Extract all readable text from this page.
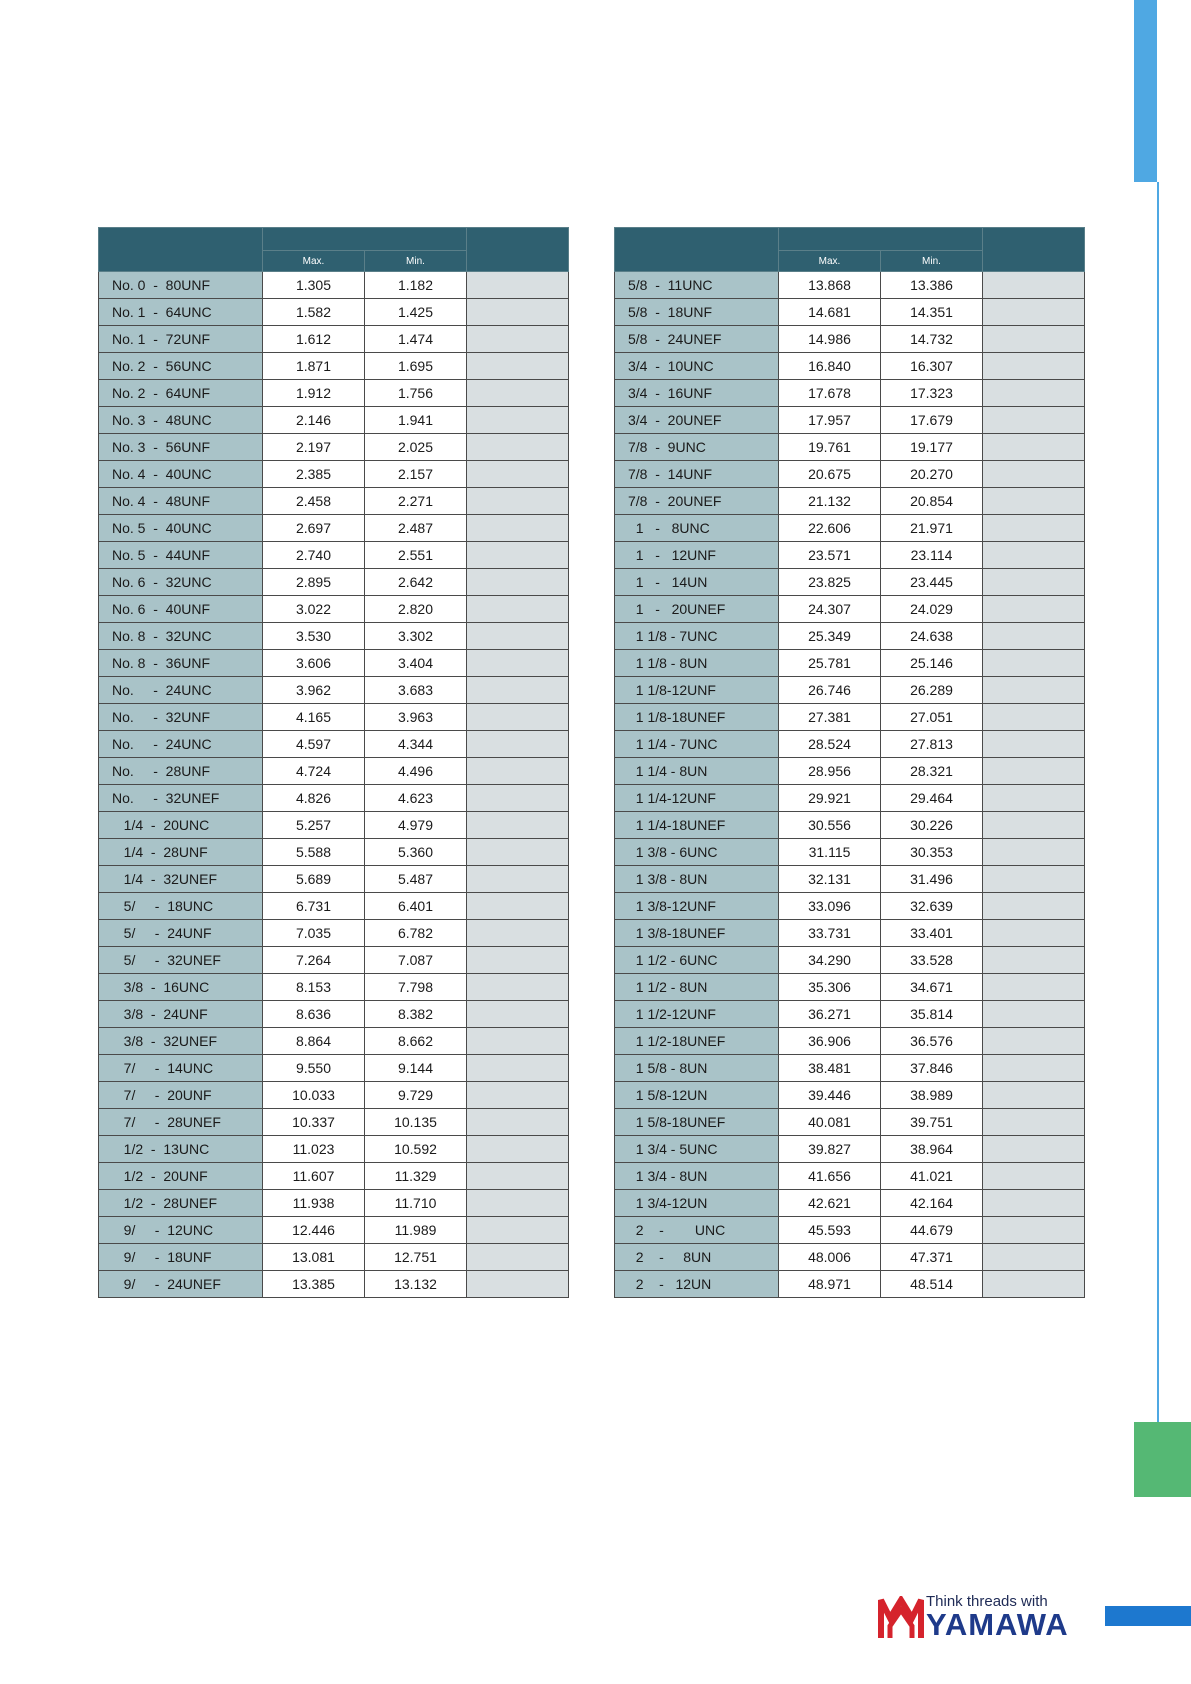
	Max.	Min.	
No. 0  -  80UNF	1.305	1.182	
No. 1  -  64UNC	1.582	1.425	
No. 1  -  72UNF	1.612	1.474	
No. 2  -  56UNC	1.871	1.695	
No. 2  -  64UNF	1.912	1.756	
No. 3  -  48UNC	2.146	1.941	
No. 3  -  56UNF	2.197	2.025	
No. 4  -  40UNC	2.385	2.157	
No. 4  -  48UNF	2.458	2.271	
No. 5  -  40UNC	2.697	2.487	
No. 5  -  44UNF	2.740	2.551	
No. 6  -  32UNC	2.895	2.642	
No. 6  -  40UNF	3.022	2.820	
No. 8  -  32UNC	3.530	3.302	
No. 8  -  36UNF	3.606	3.404	
No.     -  24UNC	3.962	3.683	
No.     -  32UNF	4.165	3.963	
No.     -  24UNC	4.597	4.344	
No.     -  28UNF	4.724	4.496	
No.     -  32UNEF	4.826	4.623	
1/4  -  20UNC	5.257	4.979	
1/4  -  28UNF	5.588	5.360	
1/4  -  32UNEF	5.689	5.487	
5/     -  18UNC	6.731	6.401	
5/     -  24UNF	7.035	6.782	
5/     -  32UNEF	7.264	7.087	
3/8  -  16UNC	8.153	7.798	
3/8  -  24UNF	8.636	8.382	
3/8  -  32UNEF	8.864	8.662	
7/     -  14UNC	9.550	9.144	
7/     -  20UNF	10.033	9.729	
7/     -  28UNEF	10.337	10.135	
1/2  -  13UNC	11.023	10.592	
1/2  -  20UNF	11.607	11.329	
1/2  -  28UNEF	11.938	11.710	
9/     -  12UNC	12.446	11.989	
9/     -  18UNF	13.081	12.751	
9/     -  24UNEF	13.385	13.132	

	Max.	Min.	
5/8  -  11UNC	13.868	13.386	
5/8  -  18UNF	14.681	14.351	
5/8  -  24UNEF	14.986	14.732	
3/4  -  10UNC	16.840	16.307	
3/4  -  16UNF	17.678	17.323	
3/4  -  20UNEF	17.957	17.679	
7/8  -  9UNC	19.761	19.177	
7/8  -  14UNF	20.675	20.270	
7/8  -  20UNEF	21.132	20.854	
1   -   8UNC	22.606	21.971	
1   -   12UNF	23.571	23.114	
1   -   14UN	23.825	23.445	
1   -   20UNEF	24.307	24.029	
1 1/8 - 7UNC	25.349	24.638	
1 1/8 - 8UN	25.781	25.146	
1 1/8-12UNF	26.746	26.289	
1 1/8-18UNEF	27.381	27.051	
1 1/4 - 7UNC	28.524	27.813	
1 1/4 - 8UN	28.956	28.321	
1 1/4-12UNF	29.921	29.464	
1 1/4-18UNEF	30.556	30.226	
1 3/8 - 6UNC	31.115	30.353	
1 3/8 - 8UN	32.131	31.496	
1 3/8-12UNF	33.096	32.639	
1 3/8-18UNEF	33.731	33.401	
1 1/2 - 6UNC	34.290	33.528	
1 1/2 - 8UN	35.306	34.671	
1 1/2-12UNF	36.271	35.814	
1 1/2-18UNEF	36.906	36.576	
1 5/8 - 8UN	38.481	37.846	
1 5/8-12UN	39.446	38.989	
1 5/8-18UNEF	40.081	39.751	
1 3/4 - 5UNC	39.827	38.964	
1 3/4 - 8UN	41.656	41.021	
1 3/4-12UN	42.621	42.164	
2    -        UNC	45.593	44.679	
2    -     8UN	48.006	47.371	
2    -   12UN	48.971	48.514	
Think threads with
YAMAWA
